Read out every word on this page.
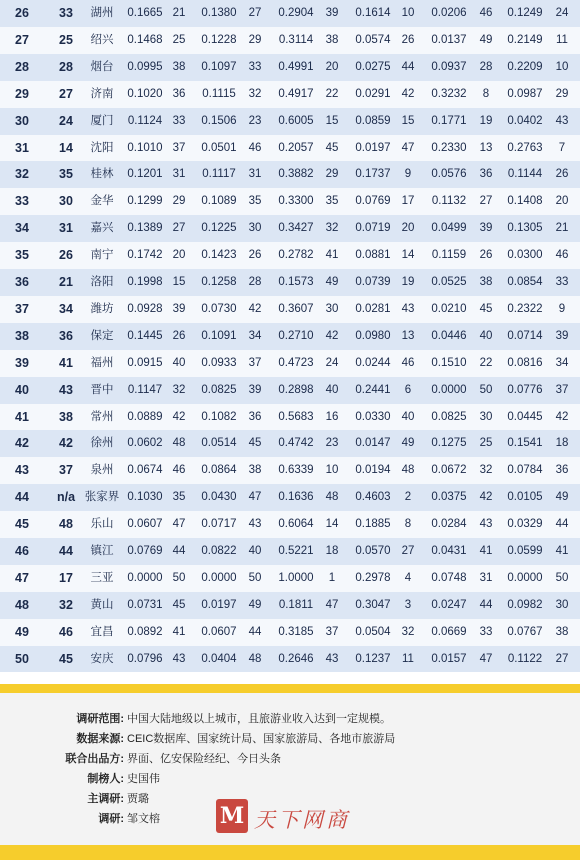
26	33	湖州	0.1665 21	0.1380	27	0.2904	39	0.1614 10	0.0206	46	0.1249	24
27	25	绍兴	0.1468 25	0.1228	29	0.3114	38	0.0574 26	0.0137	49	0.2149	11
28	28	烟台	0.0995 38	0.1097	33	0.4991	20	0.0275 44	0.0937	28	0.2209	10
29	27	济南	0.1020 36	0.1115	32	0.4917	22	0.0291 42	0.3232	8	0.0987	29
30	24	厦门	0.1124 33	0.1506	23	0.6005	15	0.0859 15	0.1771	19	0.0402	43
31	14	沈阳	0.1010 37	0.0501	46	0.2057	45	0.0197 47	0.2330	13	0.2763	7
32	35	桂林	0.1201 31	0.1117	31	0.3882	29	0.1737	9	0.0576	36	0.1144	26
33	30	金华	0.1299 29	0.1089	35	0.3300	35	0.0769 17	0.1132	27	0.1408	20
34	31	嘉兴	0.1389 27	0.1225	30	0.3427	32	0.0719 20	0.0499	39	0.1305	21
35	26	南宁	0.1742 20	0.1423	26	0.2782	41	0.0881 14	0.1159	26	0.0300	46
36	21	洛阳	0.1998 15	0.1258	28	0.1573	49	0.0739 19	0.0525	38	0.0854	33
37	34	潍坊	0.0928 39	0.0730	42	0.3607	30	0.0281 43	0.0210	45	0.2322	9
38	36	保定	0.1445 26	0.1091	34	0.2710	42	0.0980 13	0.0446	40	0.0714	39
39	41	福州	0.0915 40	0.0933	37	0.4723	24	0.0244 46	0.1510	22	0.0816	34
40	43	晋中	0.1147 32	0.0825	39	0.2898	40	0.2441	6	0.0000	50	0.0776	37
41	38	常州	0.0889 42	0.1082	36	0.5683	16	0.0330 40	0.0825	30	0.0445	42
42	42	徐州	0.0602 48	0.0514	45	0.4742	23	0.0147 49	0.1275	25	0.1541	18
43	37	泉州	0.0674 46	0.0864	38	0.6339	10	0.0194 48	0.0672	32	0.0784	36
44	n/a 张家界 0.1030 35	0.0430	47	0.1636	48	0.4603	2	0.0375	42	0.0105	49
45	48	乐山	0.0607 47	0.0717	43	0.6064	14	0.1885	8	0.0284	43	0.0329	44
46	44	镇江	0.0769 44	0.0822	40	0.5221	18	0.0570 27	0.0431	41	0.0599	41
47	17	三亚	0.0000 50	0.0000	50	1.0000	1	0.2978	4	0.0748	31	0.0000	50
48	32	黄山	0.0731 45	0.0197	49	0.1811	47	0.3047	3	0.0247	44	0.0982	30
49	46	宜昌	0.0892 41	0.0607	44	0.3185	37	0.0504 32	0.0669	33	0.0767	38
50	45	安庆	0.0796 43	0.0404	48	0.2646	43	0.1237 11	0.0157	47	0.1122	27
M 天下网商
调研范围: 中国大陆地级以上城市，且旅游业收入达到一定规模。
数据来源: CEIC数据库、国家统计局、国家旅游局、各地市旅游局
联合出品方: 界面、亿安保险经纪、今日头条
制榜人: 史国伟
主调研: 贾璐
调研: 邹文榕
